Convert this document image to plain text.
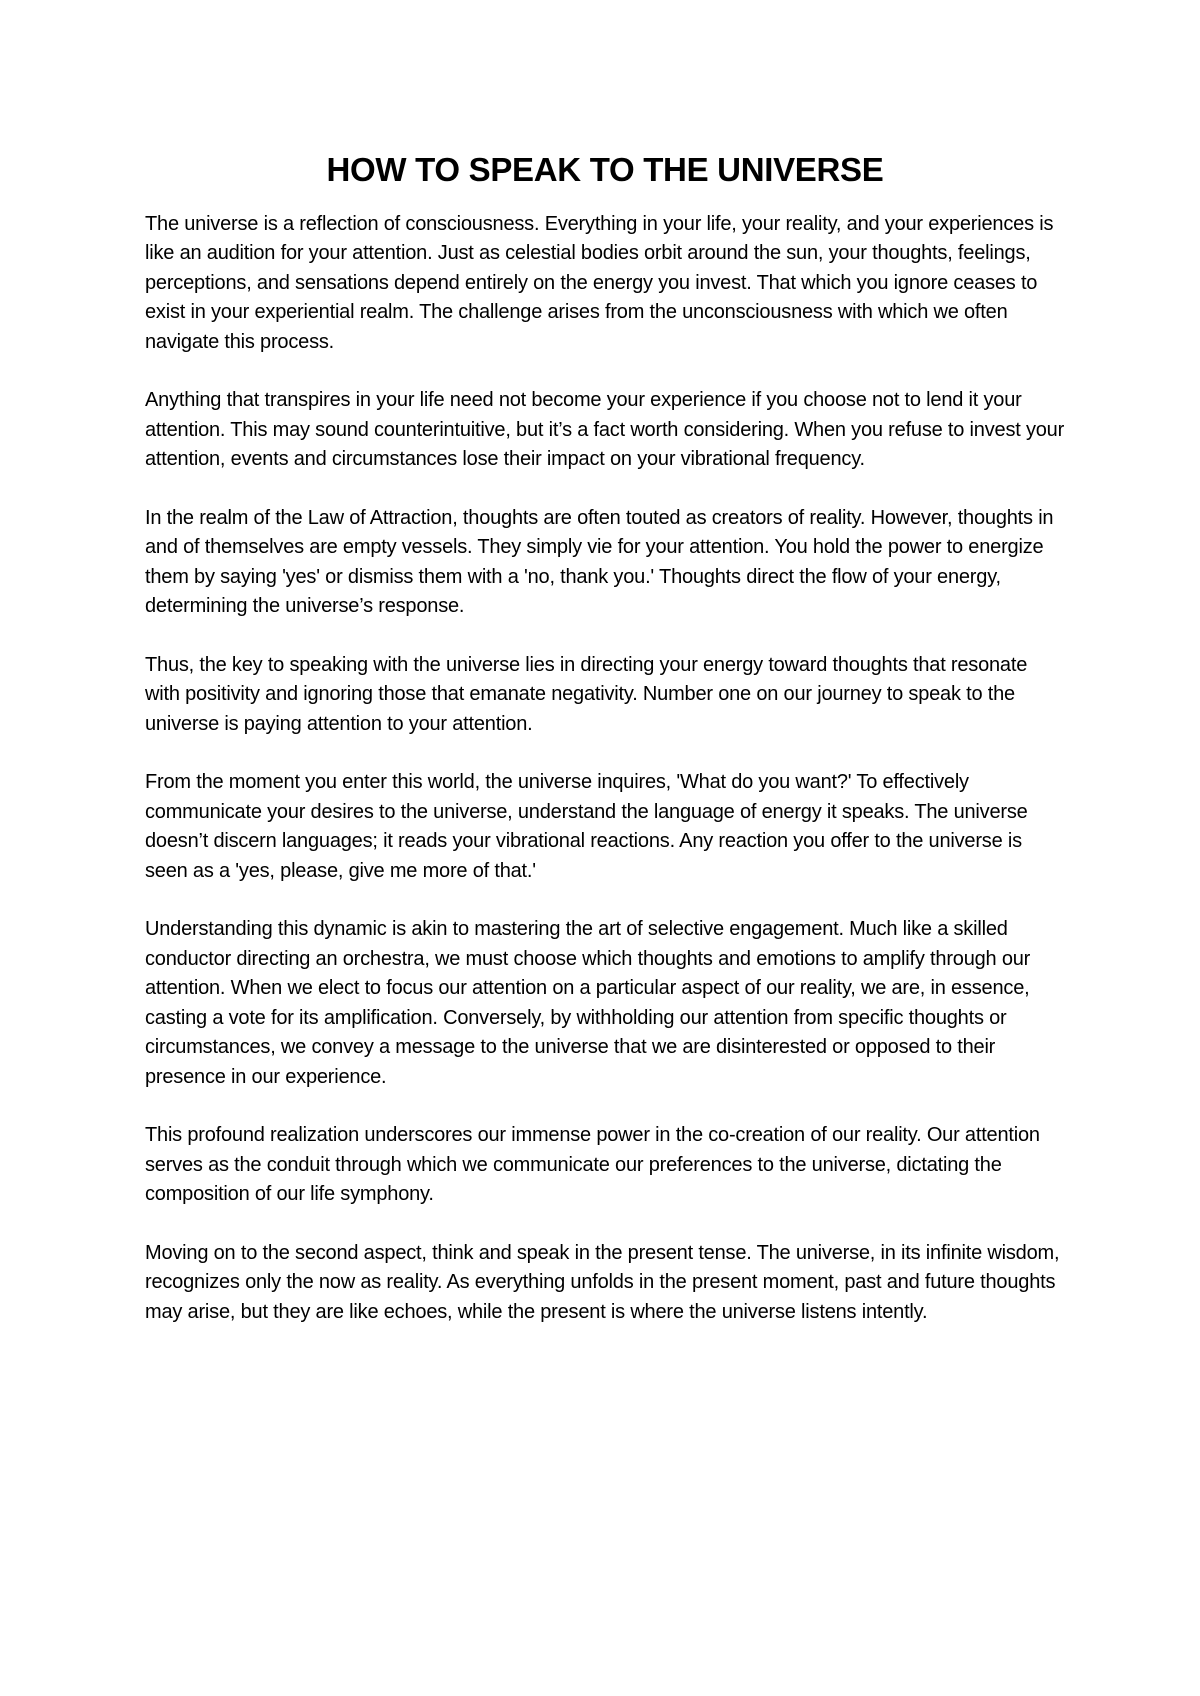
HOW TO SPEAK TO THE UNIVERSE

The universe is a reflection of consciousness. Everything in your life, your reality, and your experiences is like an audition for your attention. Just as celestial bodies orbit around the sun, your thoughts, feelings, perceptions, and sensations depend entirely on the energy you invest. That which you ignore ceases to exist in your experiential realm. The challenge arises from the unconsciousness with which we often navigate this process.

Anything that transpires in your life need not become your experience if you choose not to lend it your attention. This may sound counterintuitive, but it’s a fact worth considering. When you refuse to invest your attention, events and circumstances lose their impact on your vibrational frequency.

In the realm of the Law of Attraction, thoughts are often touted as creators of reality. However, thoughts in and of themselves are empty vessels. They simply vie for your attention. You hold the power to energize them by saying 'yes' or dismiss them with a 'no, thank you.' Thoughts direct the flow of your energy, determining the universe’s response.

Thus, the key to speaking with the universe lies in directing your energy toward thoughts that resonate with positivity and ignoring those that emanate negativity. Number one on our journey to speak to the universe is paying attention to your attention.

From the moment you enter this world, the universe inquires, 'What do you want?' To effectively communicate your desires to the universe, understand the language of energy it speaks. The universe doesn’t discern languages; it reads your vibrational reactions. Any reaction you offer to the universe is seen as a 'yes, please, give me more of that.'

Understanding this dynamic is akin to mastering the art of selective engagement. Much like a skilled conductor directing an orchestra, we must choose which thoughts and emotions to amplify through our attention. When we elect to focus our attention on a particular aspect of our reality, we are, in essence, casting a vote for its amplification. Conversely, by withholding our attention from specific thoughts or circumstances, we convey a message to the universe that we are disinterested or opposed to their presence in our experience.

This profound realization underscores our immense power in the co-creation of our reality. Our attention serves as the conduit through which we communicate our preferences to the universe, dictating the composition of our life symphony.

Moving on to the second aspect, think and speak in the present tense. The universe, in its infinite wisdom, recognizes only the now as reality. As everything unfolds in the present moment, past and future thoughts may arise, but they are like echoes, while the present is where the universe listens intently.
